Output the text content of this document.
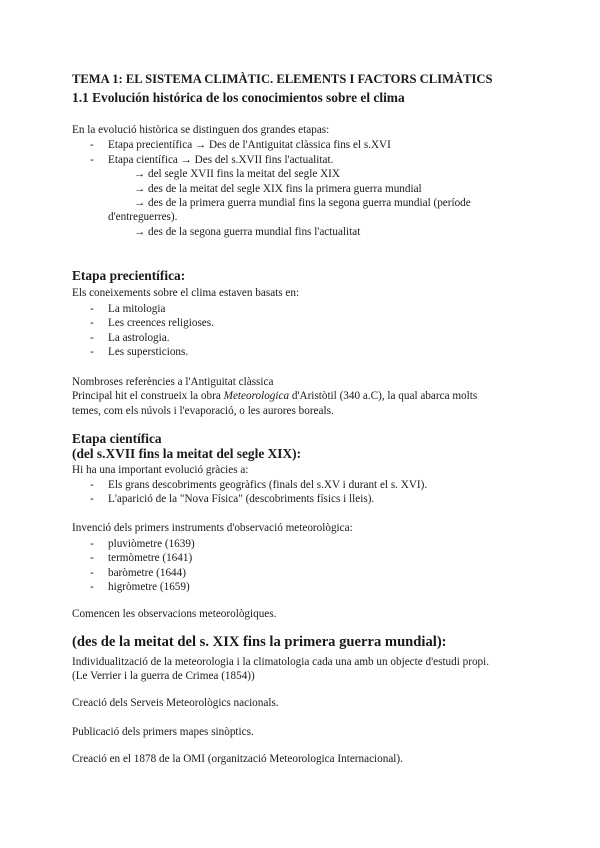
TEMA 1: EL SISTEMA CLIMÀTIC. ELEMENTS I FACTORS CLIMÀTICS
1.1 Evolución histórica de los conocimientos sobre el clima
En la evolució històrica se distinguen dos grandes etapas:
- Etapa precientífica → Des de l'Antiguitat clàssica fins el s.XVI
- Etapa científica → Des del s.XVII fins l'actualitat.
→ del segle XVII fins la meitat del segle XIX
→ des de la meitat del segle XIX fins la primera guerra mundial
→ des de la primera guerra mundial fins la segona guerra mundial (període
d'entreguerres).
→ des de la segona guerra mundial fins l'actualitat
Etapa precientífica:
Els coneixements sobre el clima estaven basats en:
- La mitologia
- Les creences religioses.
- La astrologia.
- Les supersticions.
Nombroses referències a l'Antiguitat clàssica
Principal hit el construeix la obra Meteorologica d'Aristòtil (340 a.C), la qual abarca molts
temes, com els núvols i l'evaporació, o les aurores boreals.
Etapa científica
(del s.XVII fins la meitat del segle XIX):
Hi ha una important evolució gràcies a:
- Els grans descobriments geogràfics (finals del s.XV i durant el s. XVI).
- L'aparició de la "Nova Física" (descobriments físics i lleis).
Invenció dels primers instruments d'observació meteorològica:
- pluviòmetre (1639)
- termòmetre (1641)
- baròmetre (1644)
- higròmetre (1659)
Comencen les observacions meteorològiques.
(des de la meitat del s. XIX fins la primera guerra mundial):
Individualització de la meteorologia i la climatologia cada una amb un objecte d'estudi propi.
(Le Verrier i la guerra de Crimea (1854))
Creació dels Serveis Meteorològics nacionals.
Publicació dels primers mapes sinòptics.
Creació en el 1878 de la OMI (organització Meteorologica Internacional).
